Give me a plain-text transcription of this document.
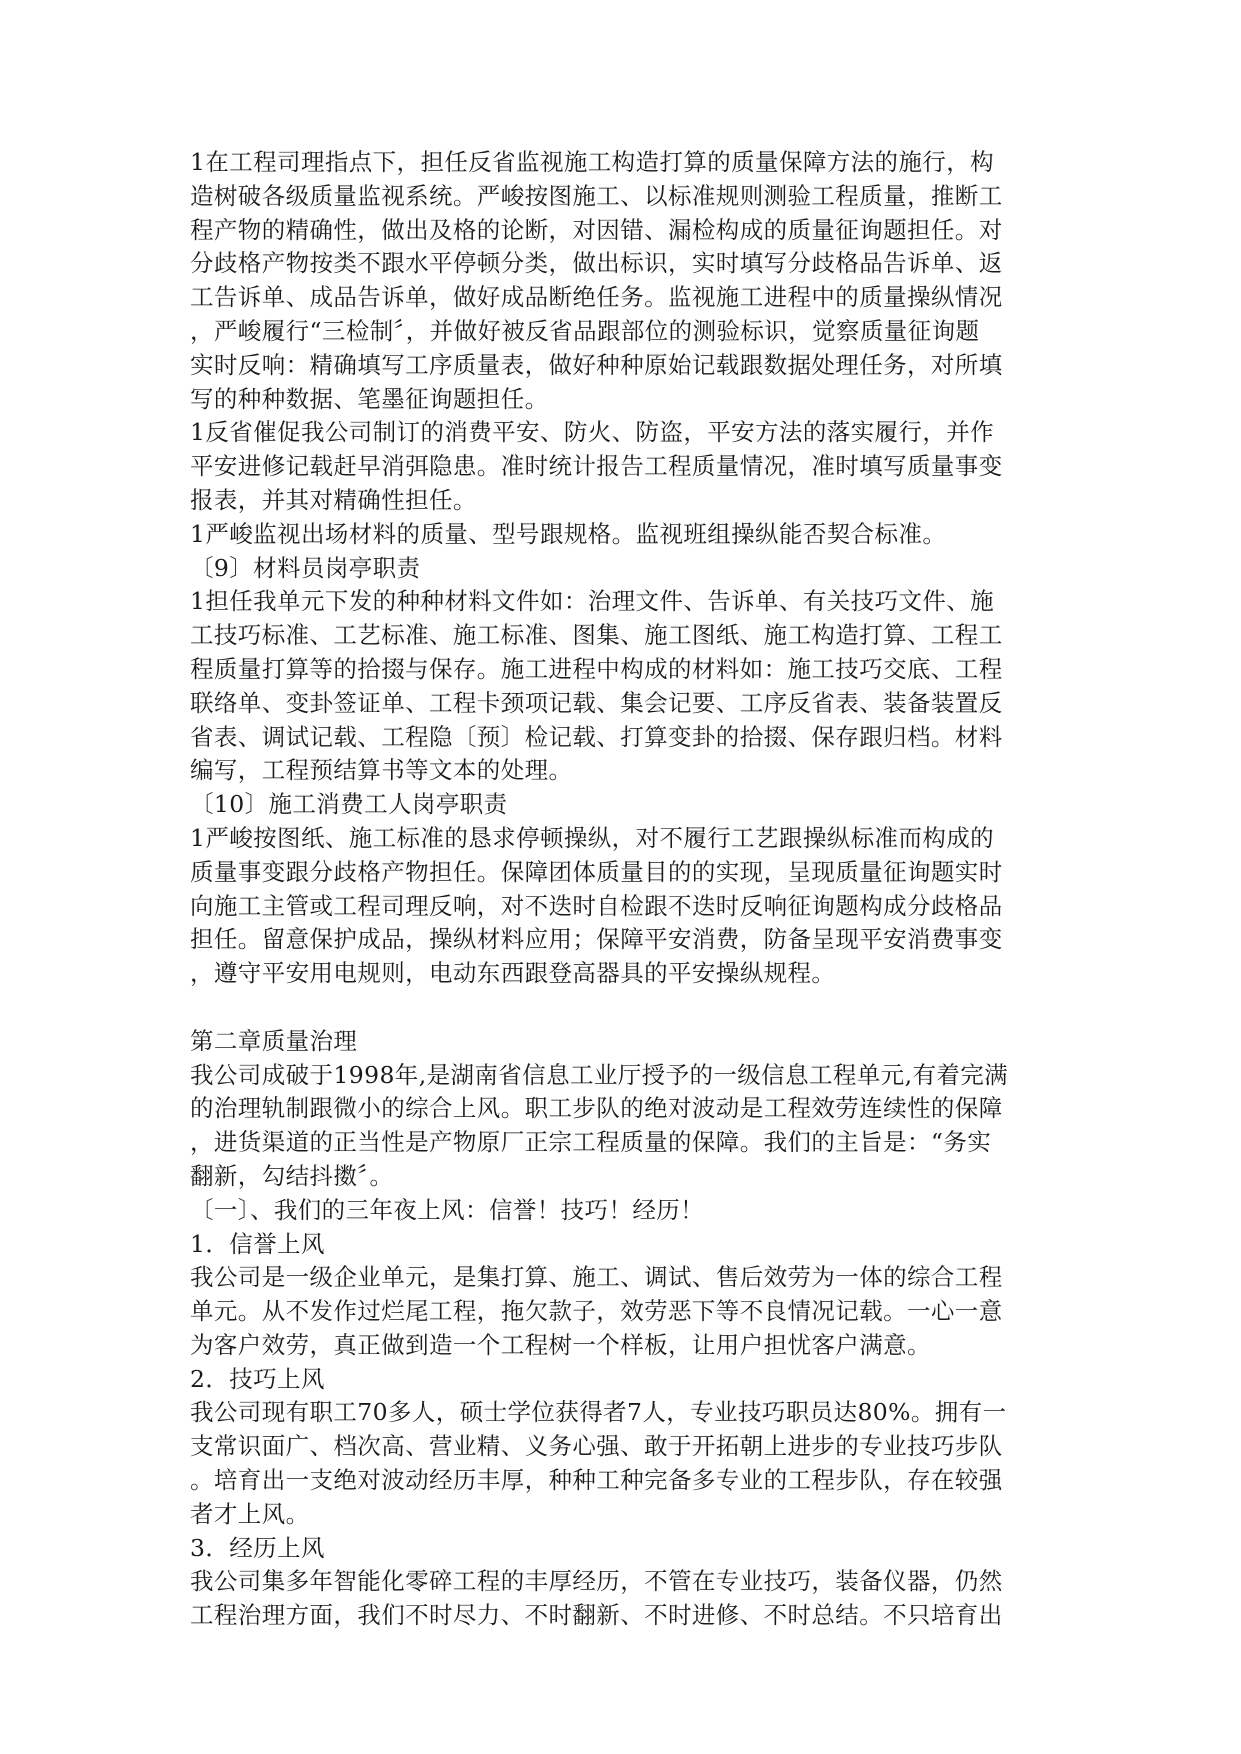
1在工程司理指点下，担任反省监视施工构造打算的质量保障方法的施行，构
造树破各级质量监视系统。严峻按图施工、以标准规则测验工程质量，推断工
程产物的精确性，做出及格的论断，对因错、漏检构成的质量征询题担任。对
分歧格产物按类不跟水平停顿分类，做出标识，实时填写分歧格品告诉单、返
工告诉单、成品告诉单，做好成品断绝任务。监视施工进程中的质量操纵情况
，严峻履行“三检制〞，并做好被反省品跟部位的测验标识，觉察质量征询题
实时反响：精确填写工序质量表，做好种种原始记载跟数据处理任务，对所填
写的种种数据、笔墨征询题担任。
1反省催促我公司制订的消费平安、防火、防盗，平安方法的落实履行，并作
平安进修记载赶早消弭隐患。准时统计报告工程质量情况，准时填写质量事变
报表，并其对精确性担任。
1严峻监视出场材料的质量、型号跟规格。监视班组操纵能否契合标准。
〔9〕材料员岗亭职责
1担任我单元下发的种种材料文件如：治理文件、告诉单、有关技巧文件、施
工技巧标准、工艺标准、施工标准、图集、施工图纸、施工构造打算、工程工
程质量打算等的拾掇与保存。施工进程中构成的材料如：施工技巧交底、工程
联络单、变卦签证单、工程卡颈项记载、集会记要、工序反省表、装备装置反
省表、调试记载、工程隐〔预〕检记载、打算变卦的拾掇、保存跟归档。材料
编写，工程预结算书等文本的处理。
〔10〕施工消费工人岗亭职责
1严峻按图纸、施工标准的恳求停顿操纵，对不履行工艺跟操纵标准而构成的
质量事变跟分歧格产物担任。保障团体质量目的的实现，呈现质量征询题实时
向施工主管或工程司理反响，对不迭时自检跟不迭时反响征询题构成分歧格品
担任。留意保护成品，操纵材料应用；保障平安消费，防备呈现平安消费事变
，遵守平安用电规则，电动东西跟登高器具的平安操纵规程。
第二章质量治理
我公司成破于1998年,是湖南省信息工业厅授予的一级信息工程单元,有着完满
的治理轨制跟微小的综合上风。职工步队的绝对波动是工程效劳连续性的保障
，进货渠道的正当性是产物原厂正宗工程质量的保障。我们的主旨是：“务实
翻新，勾结抖擞〞。
〔一〕、我们的三年夜上风：信誉！技巧！经历！
1．信誉上风
我公司是一级企业单元，是集打算、施工、调试、售后效劳为一体的综合工程
单元。从不发作过烂尾工程，拖欠款子，效劳恶下等不良情况记载。一心一意
为客户效劳，真正做到造一个工程树一个样板，让用户担忧客户满意。
2．技巧上风
我公司现有职工70多人，硕士学位获得者7人，专业技巧职员达80%。拥有一
支常识面广、档次高、营业精、义务心强、敢于开拓朝上进步的专业技巧步队
。培育出一支绝对波动经历丰厚，种种工种完备多专业的工程步队，存在较强
者才上风。
3．经历上风
我公司集多年智能化零碎工程的丰厚经历，不管在专业技巧，装备仪器，仍然
工程治理方面，我们不时尽力、不时翻新、不时进修、不时总结。不只培育出
